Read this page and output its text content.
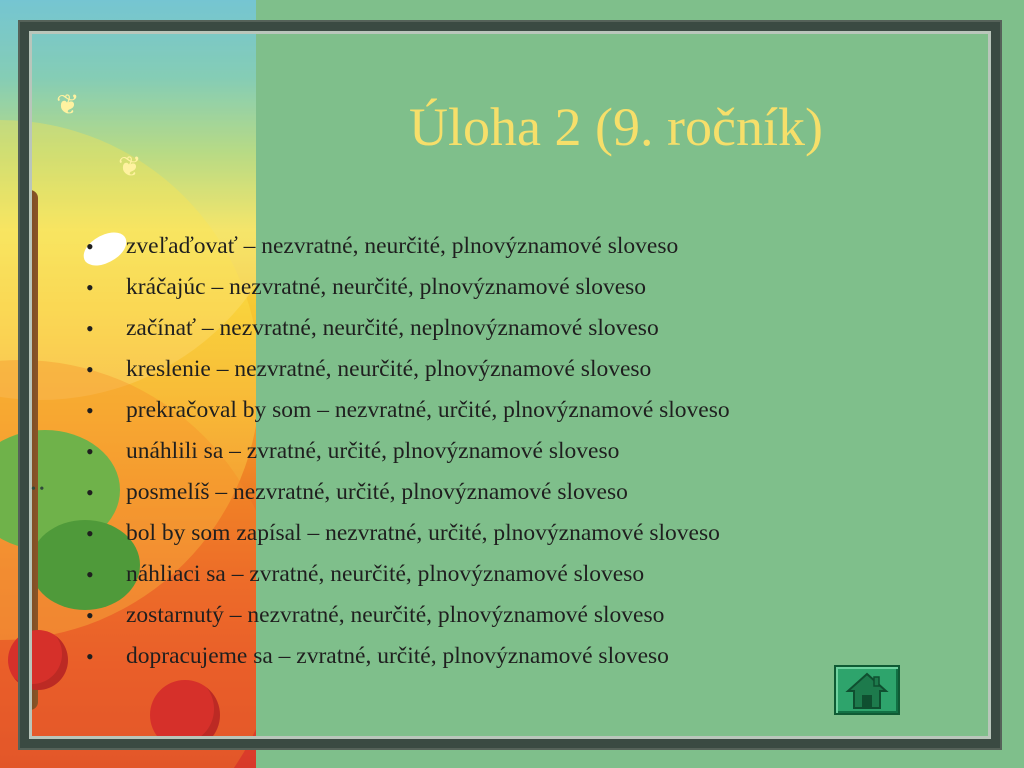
❦
❦
Úloha 2 (9. ročník)
• •
• zveľaďovať – nezvratné, neurčité, plnovýznamové sloveso
• kráčajúc – nezvratné, neurčité, plnovýznamové sloveso
• začínať – nezvratné, neurčité, neplnovýznamové sloveso
• kreslenie – nezvratné, neurčité, plnovýznamové sloveso
• prekračoval by som – nezvratné, určité, plnovýznamové sloveso
• unáhlili sa – zvratné, určité, plnovýznamové sloveso
• posmelíš – nezvratné, určité, plnovýznamové sloveso
• bol by som zapísal – nezvratné, určité, plnovýznamové sloveso
• náhliaci sa – zvratné, neurčité, plnovýznamové sloveso
• zostarnutý – nezvratné, neurčité, plnovýznamové sloveso
• dopracujeme sa – zvratné, určité, plnovýznamové sloveso
